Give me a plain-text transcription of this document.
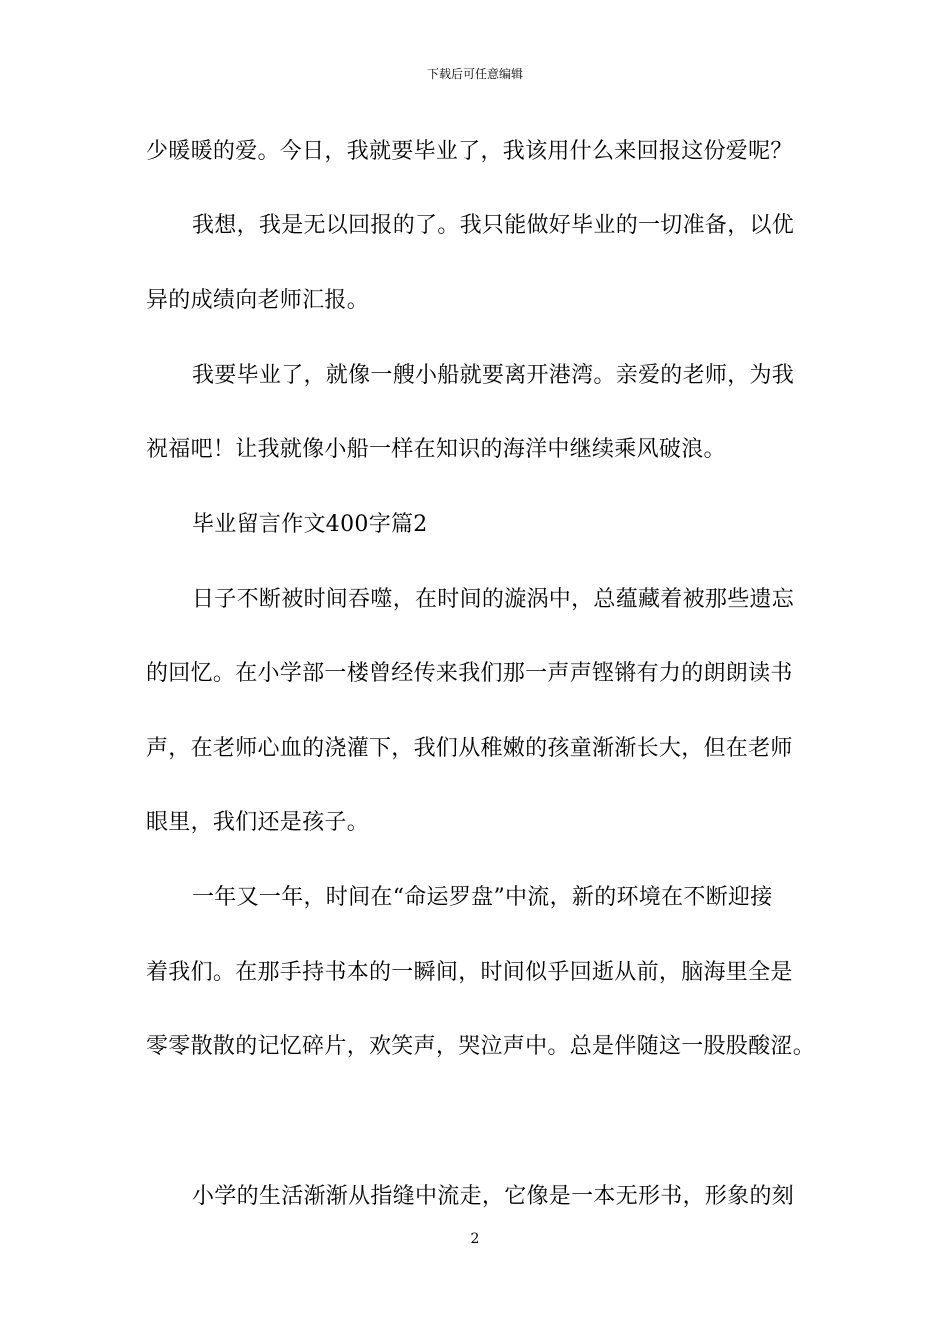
下载后可任意编辑
少暖暖的爱。今日，我就要毕业了，我该用什么来回报这份爱呢？
我想，我是无以回报的了。我只能做好毕业的一切准备，以优
异的成绩向老师汇报。
我要毕业了，就像一艘小船就要离开港湾。亲爱的老师，为我
祝福吧！让我就像小船一样在知识的海洋中继续乘风破浪。
毕业留言作文400字篇2
日子不断被时间吞噬，在时间的漩涡中，总蕴藏着被那些遗忘
的回忆。在小学部一楼曾经传来我们那一声声铿锵有力的朗朗读书
声，在老师心血的浇灌下，我们从稚嫩的孩童渐渐长大，但在老师
眼里，我们还是孩子。
一年又一年，时间在“命运罗盘”中流，新的环境在不断迎接
着我们。在那手持书本的一瞬间，时间似乎回逝从前，脑海里全是
零零散散的记忆碎片，欢笑声，哭泣声中。总是伴随这一股股酸涩。
小学的生活渐渐从指缝中流走，它像是一本无形书，形象的刻
2
